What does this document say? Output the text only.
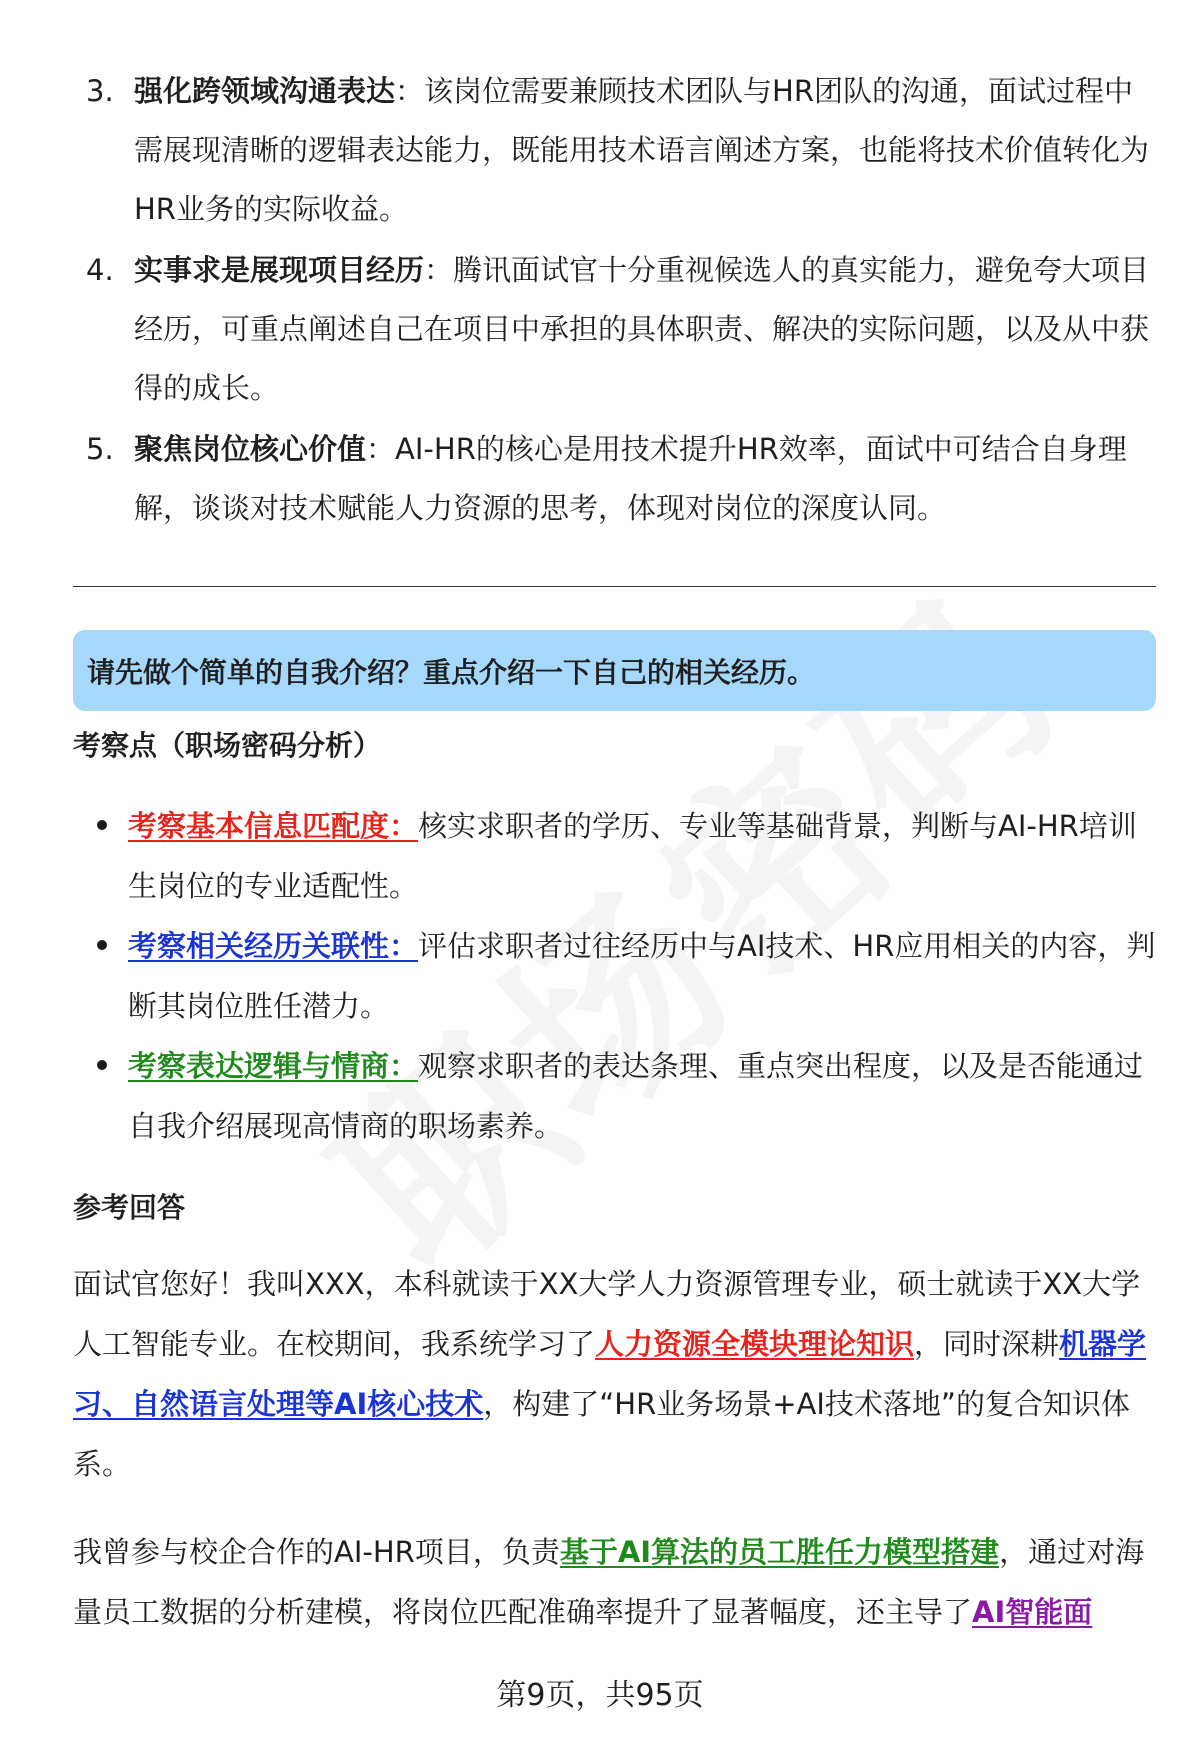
3. 强化跨领域沟通表达：该岗位需要兼顾技术团队与HR团队的沟通，面试过程中需展现清晰的逻辑表达能力，既能用技术语言阐述方案，也能将技术价值转化为HR业务的实际收益。
4. 实事求是展现项目经历：腾讯面试官十分重视候选人的真实能力，避免夸大项目经历，可重点阐述自己在项目中承担的具体职责、解决的实际问题，以及从中获得的成长。
5. 聚焦岗位核心价值：AI-HR的核心是用技术提升HR效率，面试中可结合自身理解，谈谈对技术赋能人力资源的思考，体现对岗位的深度认同。
请先做个简单的自我介绍？重点介绍一下自己的相关经历。
考察点（职场密码分析）
考察基本信息匹配度：核实求职者的学历、专业等基础背景，判断与AI-HR培训生岗位的专业适配性。
考察相关经历关联性：评估求职者过往经历中与AI技术、HR应用相关的内容，判断其岗位胜任潜力。
考察表达逻辑与情商：观察求职者的表达条理、重点突出程度，以及是否能通过自我介绍展现高情商的职场素养。
参考回答
面试官您好！我叫XXX，本科就读于XX大学人力资源管理专业，硕士就读于XX大学人工智能专业。在校期间，我系统学习了人力资源全模块理论知识，同时深耕机器学习、自然语言处理等AI核心技术，构建了“HR业务场景+AI技术落地”的复合知识体系。
我曾参与校企合作的AI-HR项目，负责基于AI算法的员工胜任力模型搭建，通过对海量员工数据的分析建模，将岗位匹配准确率提升了显著幅度，还主导了AI智能面
第9页，共95页
